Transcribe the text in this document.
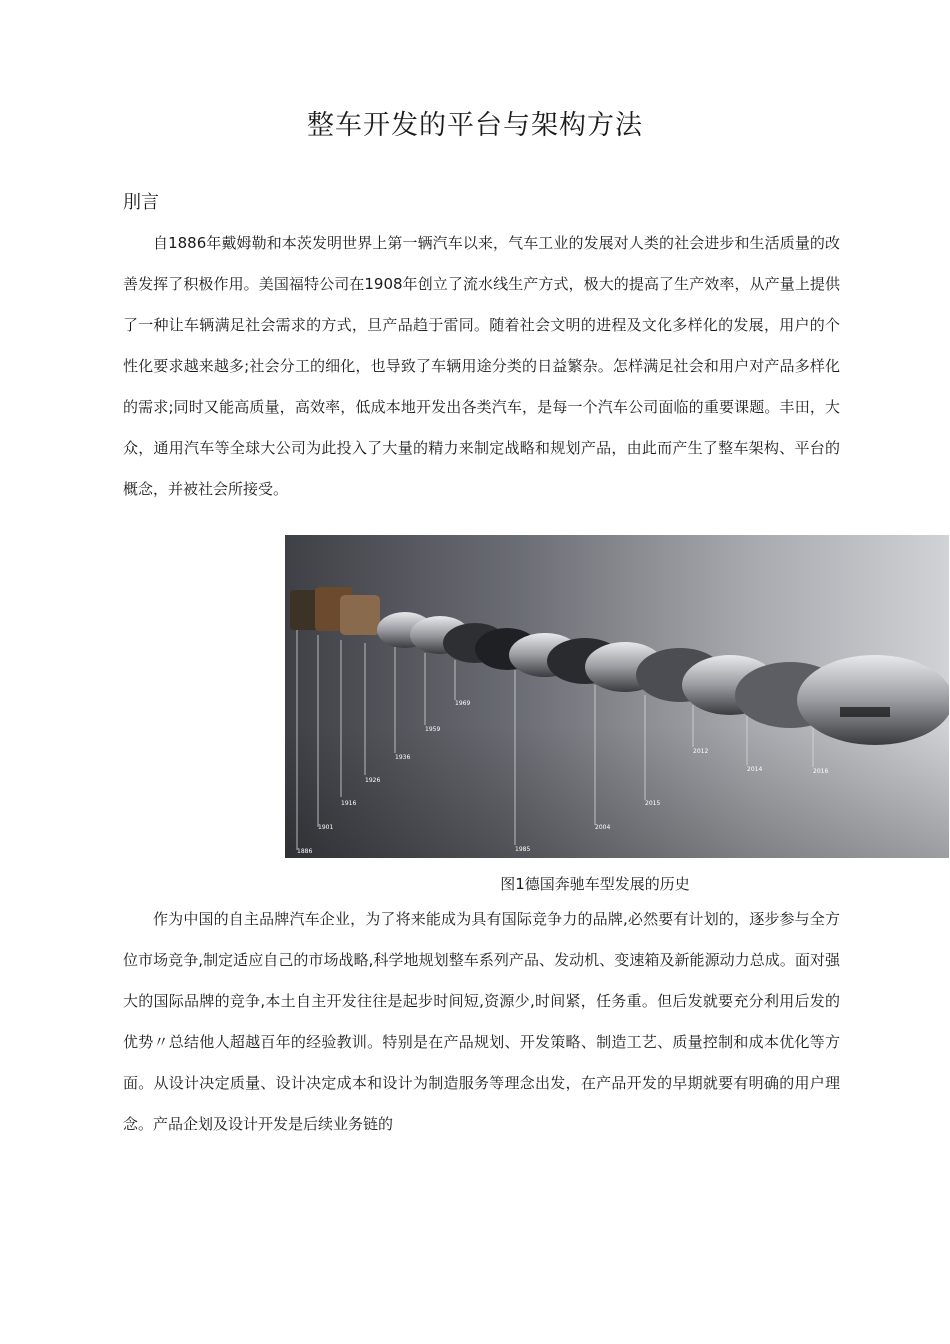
整车开发的平台与架构方法
刖言

自1886年戴姆勒和本茨发明世界上第一辆汽车以来，气车工业的发展对人类的社会进步和生活质量的改善发挥了积极作用。美国福特公司在1908年创立了流水线生产方式，极大的提高了生产效率，从产量上提供了一种让车辆满足社会需求的方式，旦产品趋于雷同。随着社会文明的进程及文化多样化的发展，用户的个性化要求越来越多;社会分工的细化，也导致了车辆用途分类的日益繁杂。怎样满足社会和用户对产品多样化的需求;同时又能高质量，高效率，低成本地开发出各类汽车，是每一个汽车公司面临的重要课题。丰田，大众，通用汽车等全球大公司为此投入了大量的精力来制定战略和规划产品，由此而产生了整车架构、平台的概念，并被社会所接受。

1886
1901
1916
1926
1936
1959
1969
1985
2004
2015
2012
2014	2016

图1德国奔驰车型发展的历史

作为中国的自主品牌汽车企业，为了将来能成为具有国际竞争力的品牌,必然要有计划的，逐步参与全方位市场竞争,制定适应自己的市场战略,科学地规划整车系列产品、发动机、变速箱及新能源动力总成。面对强大的国际品牌的竞争,本土自主开发往往是起步时间短,资源少,时间紧，任务重。但后发就要充分利用后发的优势〃总结他人超越百年的经验教训。特别是在产品规划、开发策略、制造工艺、质量控制和成本优化等方面。从设计决定质量、设计决定成本和设计为制造服务等理念出发，在产品开发的早期就要有明确的用户理念。产品企划及设计开发是后续业务链的
